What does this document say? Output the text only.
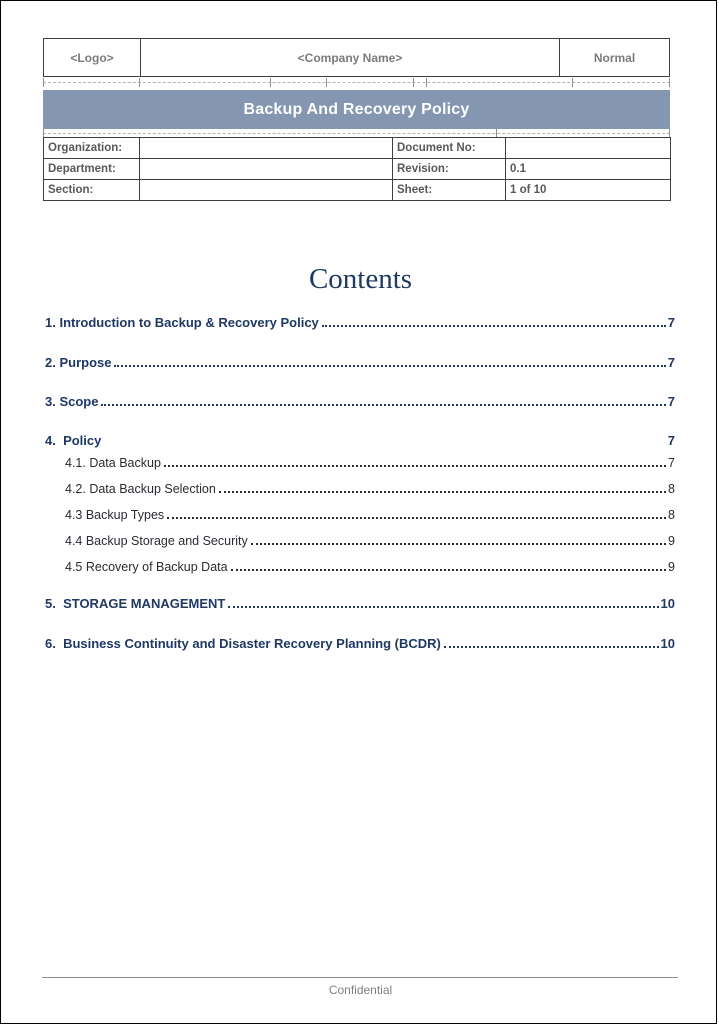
<Logo>	<Company Name>	Normal
Backup And Recovery Policy
Organization:		Document No:	
Department:		Revision:	0.1
Section:		Sheet:	1 of 10
Contents
1. Introduction to Backup & Recovery Policy	7
2. Purpose	7
3. Scope	7
4.  Policy	7
4.1. Data Backup	7
4.2. Data Backup Selection	8
4.3 Backup Types	8
4.4 Backup Storage and Security	9
4.5 Recovery of Backup Data	9
5.  STORAGE MANAGEMENT	10
6.  Business Continuity and Disaster Recovery Planning (BCDR)	10
Confidential
